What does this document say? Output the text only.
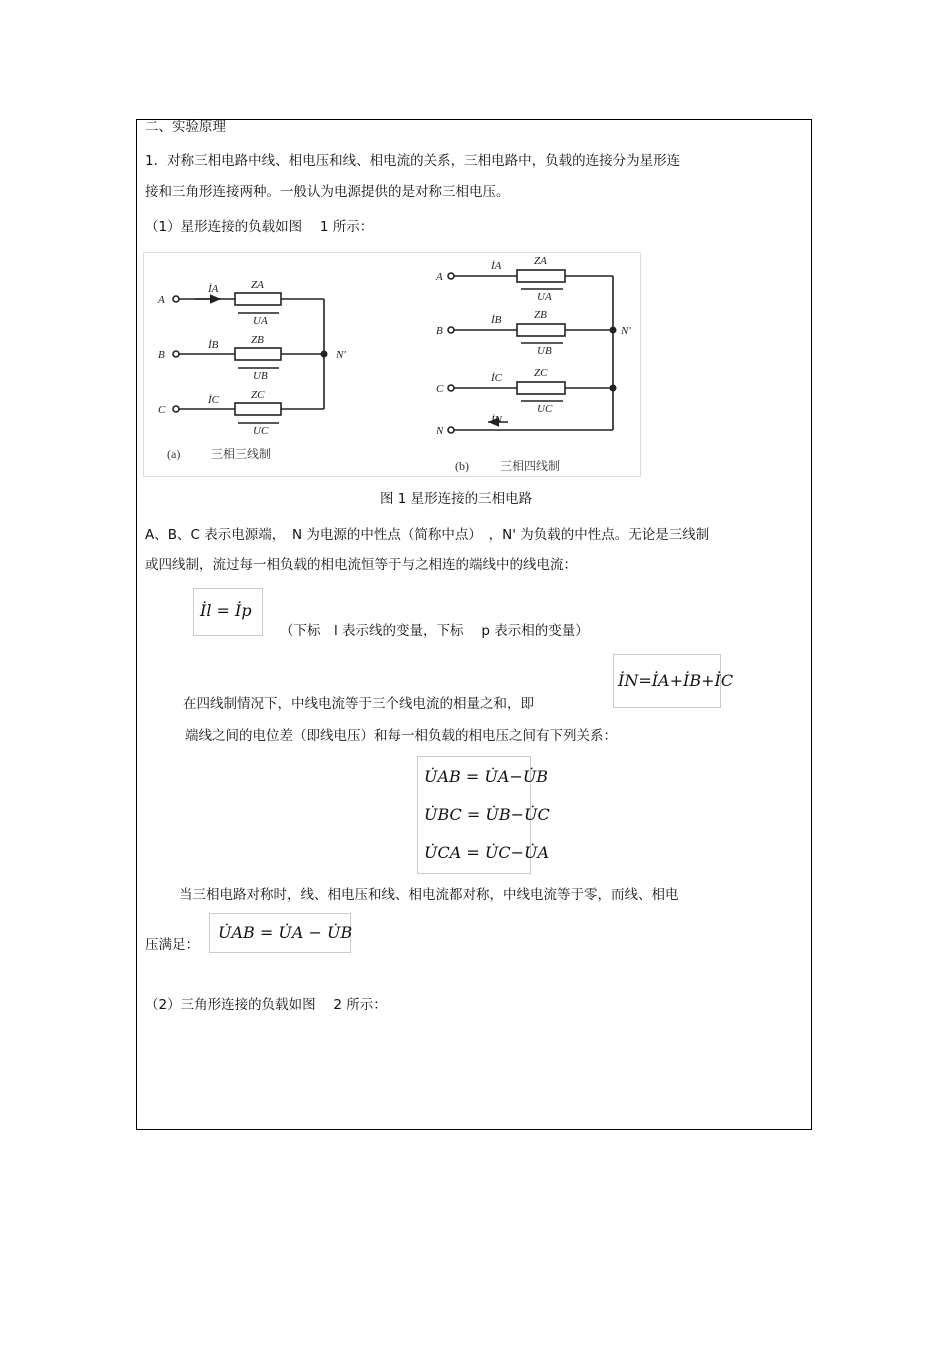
二、实验原理
1．对称三相电路中线、相电压和线、相电流的关系，三相电路中，负载的连接分为星形连
接和三角形连接两种。一般认为电源提供的是对称三相电压。
（1）星形连接的负载如图　 1 所示：
A
B
C
İA
İB
İC
ZA
ZB
ZC
UA
UB
UC
N'
(a)	三相三线制
A
B
C
N
İA
İB
İC
İN
ZA
ZB
ZC
UA
UB
UC
N'
(b)	三相四线制
图 1 星形连接的三相电路
A、B、C 表示电源端，　N 为电源的中性点（简称中点）　，N' 为负载的中性点。无论是三线制
或四线制，流过每一相负载的相电流恒等于与之相连的端线中的线电流：
İl = İp
（下标　l 表示线的变量，下标　 p 表示相的变量）
在四线制情况下，中线电流等于三个线电流的相量之和，即
İN=İA+İB+İC
端线之间的电位差（即线电压）和每一相负载的相电压之间有下列关系：
U̇AB = U̇A−U̇B
U̇BC = U̇B−U̇C
U̇CA = U̇C−U̇A
当三相电路对称时，线、相电压和线、相电流都对称，中线电流等于零，而线、相电
压满足：
U̇AB = U̇A − U̇B
（2）三角形连接的负载如图　 2 所示：
